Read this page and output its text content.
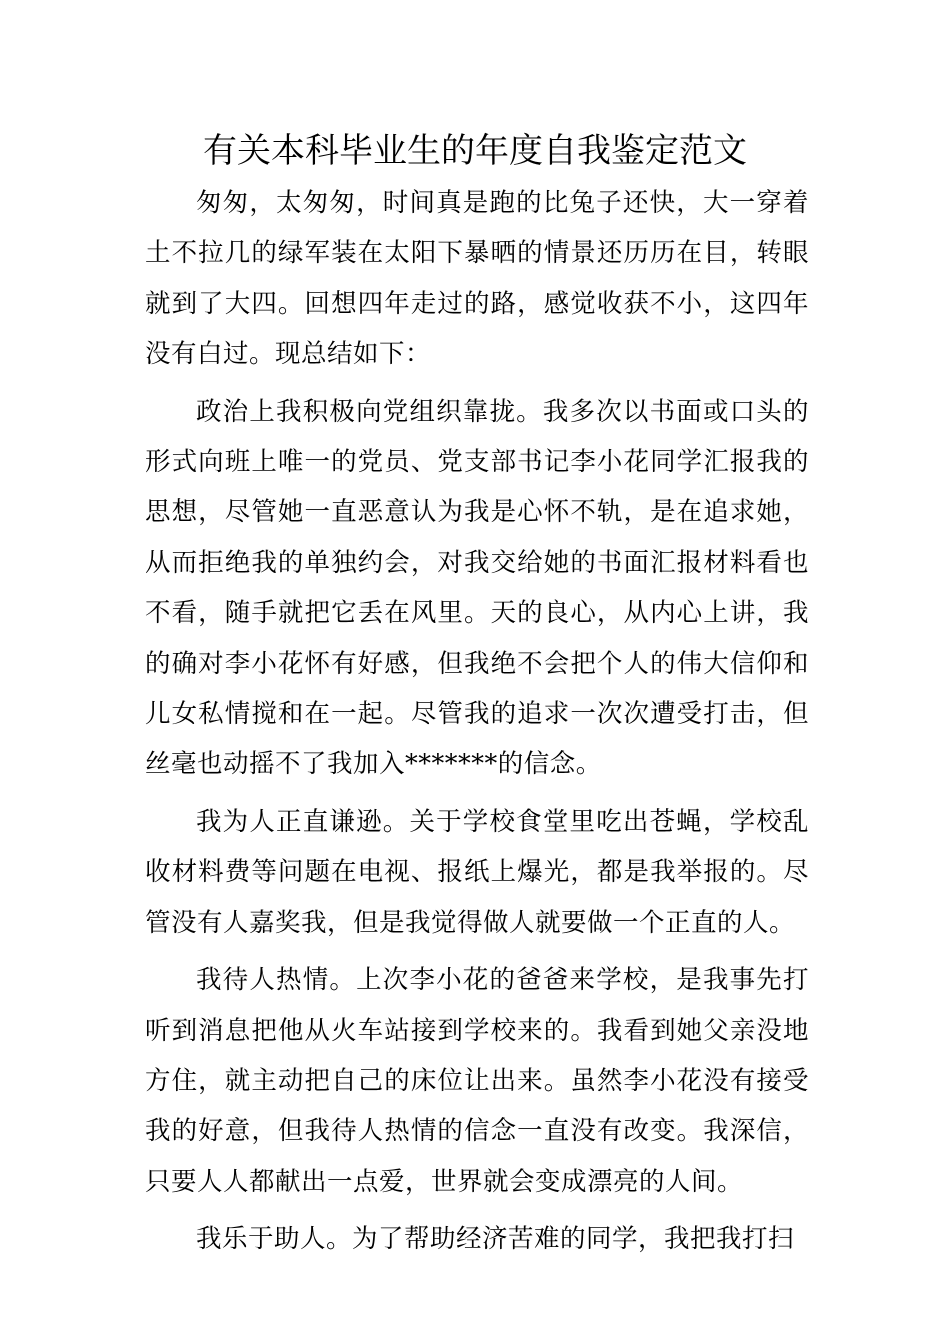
有关本科毕业生的年度自我鉴定范文

匆匆，太匆匆，时间真是跑的比兔子还快，大一穿着土不拉几的绿军装在太阳下暴晒的情景还历历在目，转眼就到了大四。回想四年走过的路，感觉收获不小，这四年没有白过。现总结如下：

政治上我积极向党组织靠拢。我多次以书面或口头的形式向班上唯一的党员、党支部书记李小花同学汇报我的思想，尽管她一直恶意认为我是心怀不轨，是在追求她，从而拒绝我的单独约会，对我交给她的书面汇报材料看也不看，随手就把它丢在风里。天的良心，从内心上讲，我的确对李小花怀有好感，但我绝不会把个人的伟大信仰和儿女私情搅和在一起。尽管我的追求一次次遭受打击，但丝毫也动摇不了我加入*******的信念。

我为人正直谦逊。关于学校食堂里吃出苍蝇，学校乱收材料费等问题在电视、报纸上爆光，都是我举报的。尽管没有人嘉奖我，但是我觉得做人就要做一个正直的人。

我待人热情。上次李小花的爸爸来学校，是我事先打听到消息把他从火车站接到学校来的。我看到她父亲没地方住，就主动把自己的床位让出来。虽然李小花没有接受我的好意，但我待人热情的信念一直没有改变。我深信，只要人人都献出一点爱，世界就会变成漂亮的人间。

我乐于助人。为了帮助经济苦难的同学，我把我打扫
